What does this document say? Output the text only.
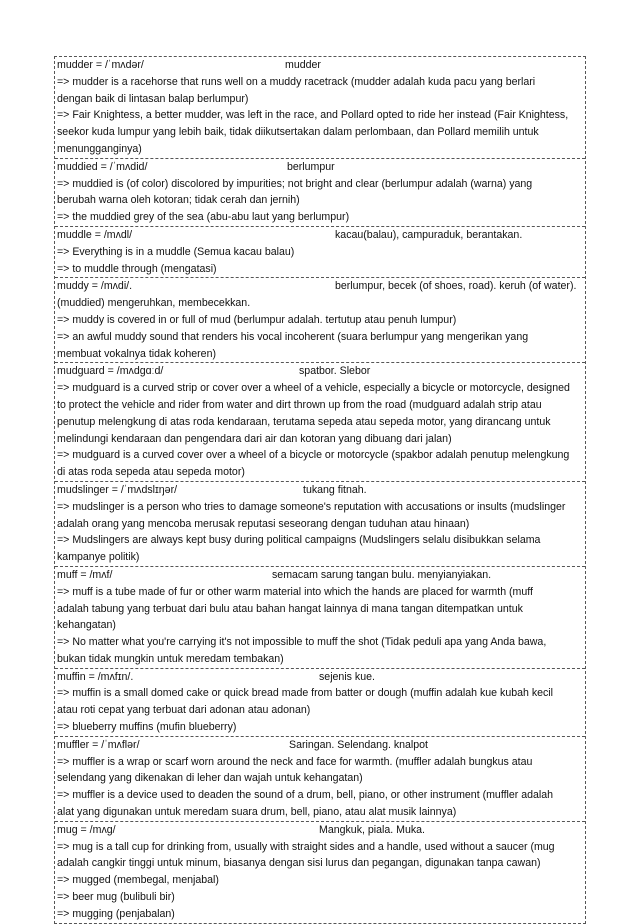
mudder = /ˈmʌdər/	mudder
=> mudder is a racehorse that runs well on a muddy racetrack (mudder adalah kuda pacu yang berlari
dengan baik di lintasan balap berlumpur)
=> Fair Knightess, a better mudder, was left in the race, and Pollard opted to ride her instead (Fair Knightess,
seekor kuda lumpur yang lebih baik, tidak diikutsertakan dalam perlombaan, dan Pollard memilih untuk
menungganginya)
muddied = /ˈmʌdid/	berlumpur
=> muddied is (of color) discolored by impurities; not bright and clear (berlumpur adalah (warna) yang
berubah warna oleh kotoran; tidak cerah dan jernih)
=> the muddied grey of the sea (abu-abu laut yang berlumpur)
muddle = /mʌdl/	kacau(balau), campuraduk, berantakan.
=> Everything is in a muddle (Semua kacau balau)
=> to muddle through (mengatasi)
muddy = /mʌdi/.	berlumpur, becek (of shoes, road). keruh (of water).
(muddied) mengeruhkan, membecekkan.
=> muddy is covered in or full of mud (berlumpur adalah. tertutup atau penuh lumpur)
=> an awful muddy sound that renders his vocal incoherent (suara berlumpur yang mengerikan yang
membuat vokalnya tidak koheren)
mudguard = /mʌdɡɑːd/	spatbor. Slebor
=> mudguard is a curved strip or cover over a wheel of a vehicle, especially a bicycle or motorcycle, designed
to protect the vehicle and rider from water and dirt thrown up from the road (mudguard adalah strip atau
penutup melengkung di atas roda kendaraan, terutama sepeda atau sepeda motor, yang dirancang untuk
melindungi kendaraan dan pengendara dari air dan kotoran yang dibuang dari jalan)
=> mudguard is a curved cover over a wheel of a bicycle or motorcycle (spakbor adalah penutup melengkung
di atas roda sepeda atau sepeda motor)
mudslinger = /ˈmʌdslɪŋər/	tukang fitnah.
=> mudslinger is a person who tries to damage someone's reputation with accusations or insults (mudslinger
adalah orang yang mencoba merusak reputasi seseorang dengan tuduhan atau hinaan)
=> Mudslingers are always kept busy during political campaigns (Mudslingers selalu disibukkan selama
kampanye politik)
muff = /mʌf/	semacam sarung tangan bulu. menyianyiakan.
=> muff is a tube made of fur or other warm material into which the hands are placed for warmth (muff
adalah tabung yang terbuat dari bulu atau bahan hangat lainnya di mana tangan ditempatkan untuk
kehangatan)
=> No matter what you're carrying it's not impossible to muff the shot (Tidak peduli apa yang Anda bawa,
bukan tidak mungkin untuk meredam tembakan)
muffin = /mʌfɪn/.	sejenis kue.
=> muffin is a small domed cake or quick bread made from batter or dough (muffin adalah kue kubah kecil
atau roti cepat yang terbuat dari adonan atau adonan)
=> blueberry muffins (mufin blueberry)
muffler = /ˈmʌflər/	Saringan. Selendang. knalpot
=> muffler is a wrap or scarf worn around the neck and face for warmth. (muffler adalah bungkus atau
selendang yang dikenakan di leher dan wajah untuk kehangatan)
=> muffler is a device used to deaden the sound of a drum, bell, piano, or other instrument (muffler adalah
alat yang digunakan untuk meredam suara drum, bell, piano, atau alat musik lainnya)
mug = /mʌɡ/	Mangkuk, piala. Muka.
=> mug is a tall cup for drinking from, usually with straight sides and a handle, used without a saucer (mug
adalah cangkir tinggi untuk minum, biasanya dengan sisi lurus dan pegangan, digunakan tanpa cawan)
=> mugged (membegal, menjabal)
=> beer mug (bulibuli bir)
=> mugging (penjabalan)
